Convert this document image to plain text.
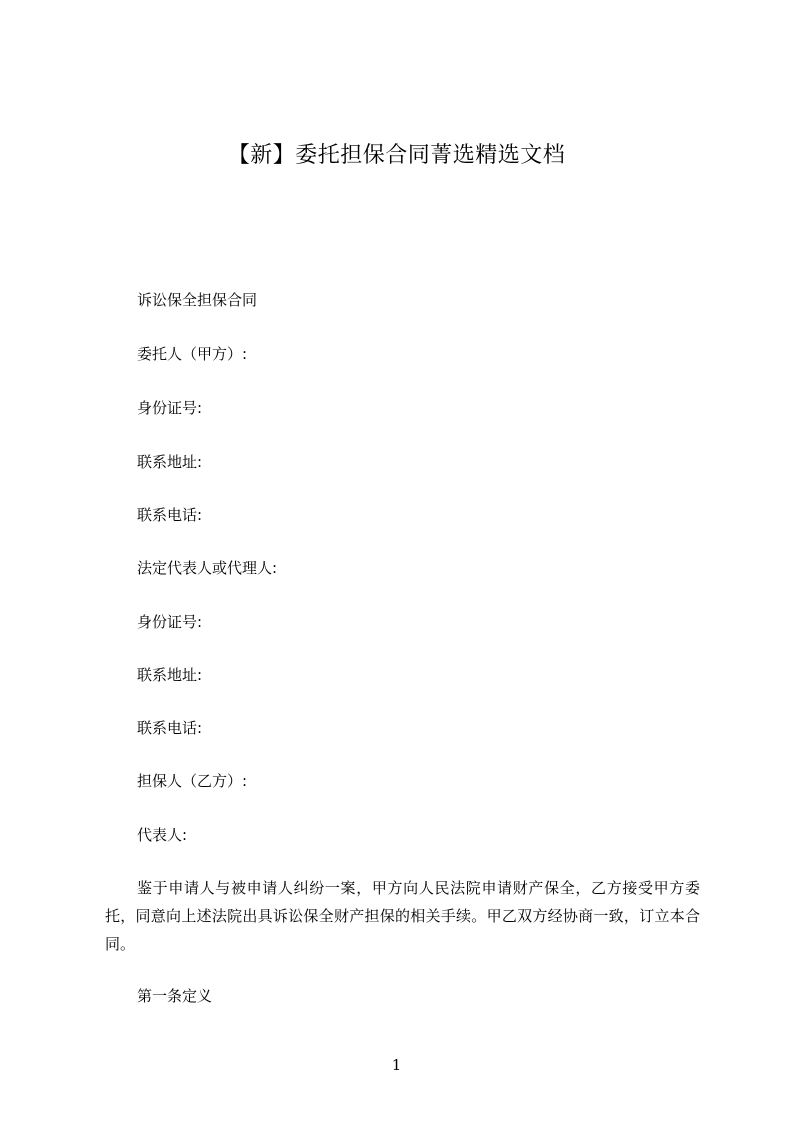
【新】委托担保合同菁选精选文档
诉讼保全担保合同
委托人（甲方）:
身份证号:
联系地址:
联系电话:
法定代表人或代理人:
身份证号:
联系地址:
联系电话:
担保人（乙方）:
代表人:
鉴于申请人与被申请人纠纷一案，甲方向人民法院申请财产保全，乙方接受甲方委托，同意向上述法院出具诉讼保全财产担保的相关手续。甲乙双方经协商一致，订立本合同。
第一条定义
1
